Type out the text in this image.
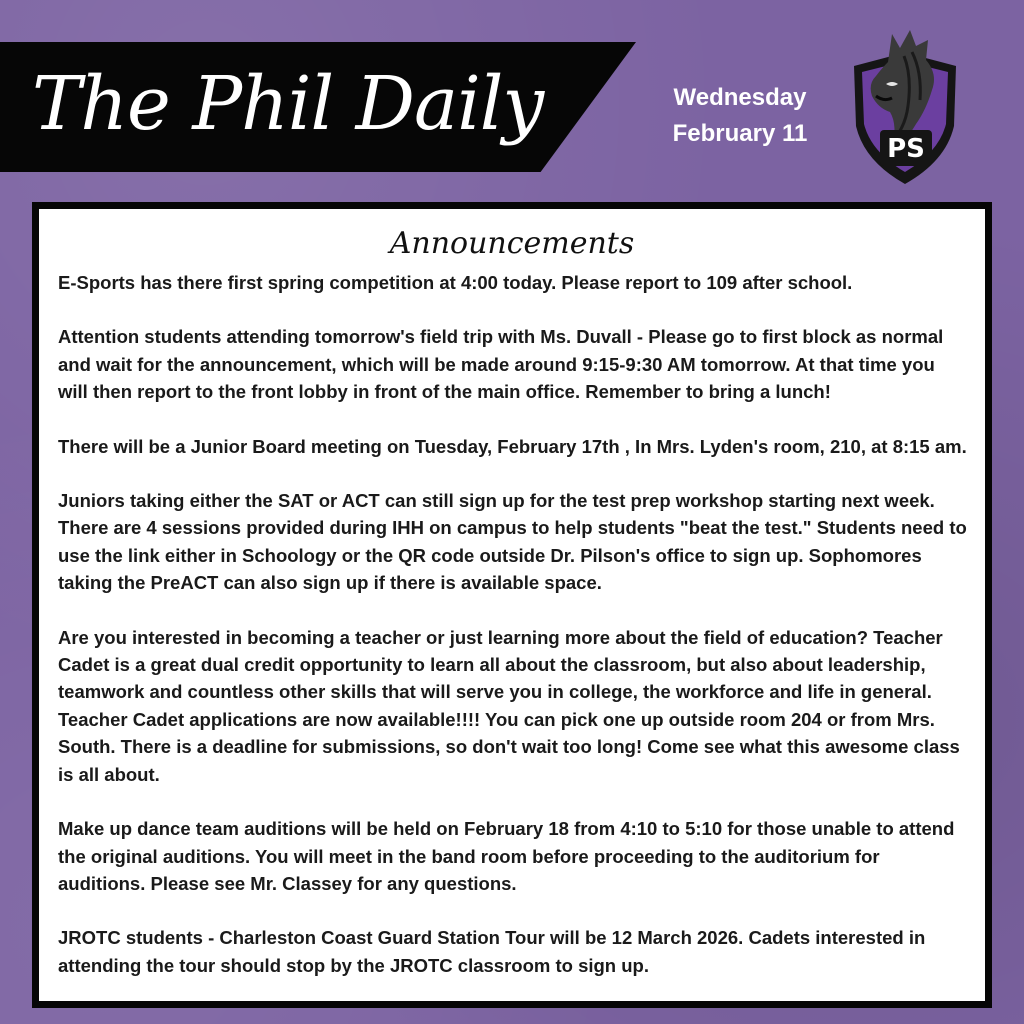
The Phil Daily	Wednesday
February 11
PS
Announcements

E-Sports has there first spring competition at 4:00 today. Please report to 109 after school.

Attention students attending tomorrow's field trip with Ms. Duvall - Please go to first block as normal and wait for the announcement, which will be made around 9:15-9:30 AM tomorrow. At that time you will then report to the front lobby in front of the main office. Remember to bring a lunch!

There will be a Junior Board meeting on Tuesday, February 17th , In Mrs. Lyden's room, 210, at 8:15 am.

Juniors taking either the SAT or ACT can still sign up for the test prep workshop starting next week. There are 4 sessions provided during IHH on campus to help students "beat the test." Students need to use the link either in Schoology or the QR code outside Dr. Pilson's office to sign up. Sophomores taking the PreACT can also sign up if there is available space.

Are you interested in becoming a teacher or just learning more about the field of education? Teacher Cadet is a great dual credit opportunity to learn all about the classroom, but also about leadership, teamwork and countless other skills that will serve you in college, the workforce and life in general. Teacher Cadet applications are now available!!!! You can pick one up outside room 204 or from Mrs. South. There is a deadline for submissions, so don't wait too long! Come see what this awesome class is all about.

Make up dance team auditions will be held on February 18 from 4:10 to 5:10 for those unable to attend the original auditions. You will meet in the band room before proceeding to the auditorium for auditions. Please see Mr. Classey for any questions.

JROTC students - Charleston Coast Guard Station Tour will be 12 March 2026. Cadets interested in attending the tour should stop by the JROTC classroom to sign up.
